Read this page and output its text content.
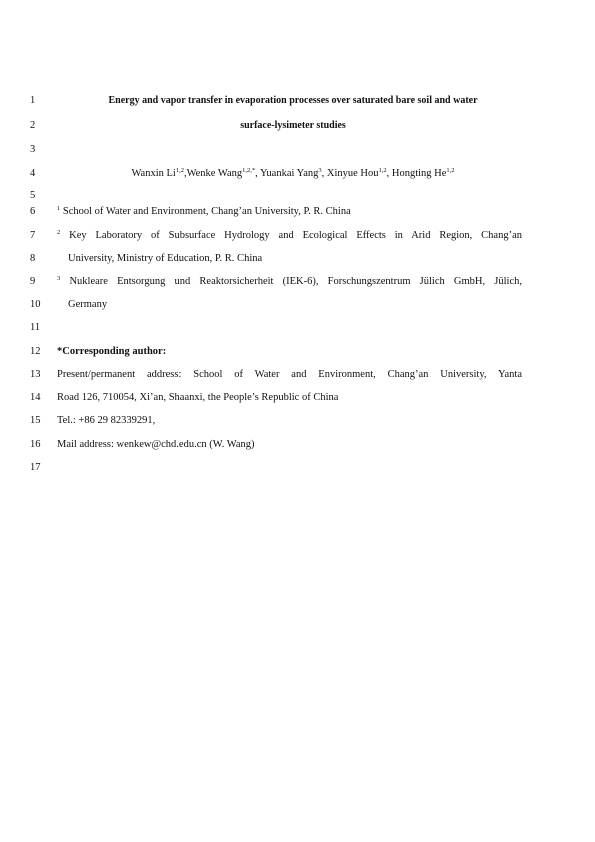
1
2
3
4
5
6
7
8
9
10
11
12
13
14
15
16
17
Energy and vapor transfer in evaporation processes over saturated bare soil and water
surface-lysimeter studies
Wanxin Li$^{1,2}$,Wenke Wang$^{1,2,*}$, Yuankai Yang$^3$, Xinyue Hou$^{1,2}$, Hongting He$^{1,2}$
$^1$ School of Water and Environment, Chang’an University, P. R. China
$^2$ Key Laboratory of Subsurface Hydrology and Ecological Effects in Arid Region, Chang’an
University, Ministry of Education, P. R. China
$^3$ Nukleare Entsorgung und Reaktorsicherheit (IEK-6), Forschungszentrum Jülich GmbH, Jülich,
Germany
*Corresponding author:
Present/permanent address: School of Water and Environment, Chang’an University, Yanta
Road 126, 710054, Xi’an, Shaanxi, the People’s Republic of China
Tel.: +86 29 82339291,
Mail address: wenkew@chd.edu.cn (W. Wang)
